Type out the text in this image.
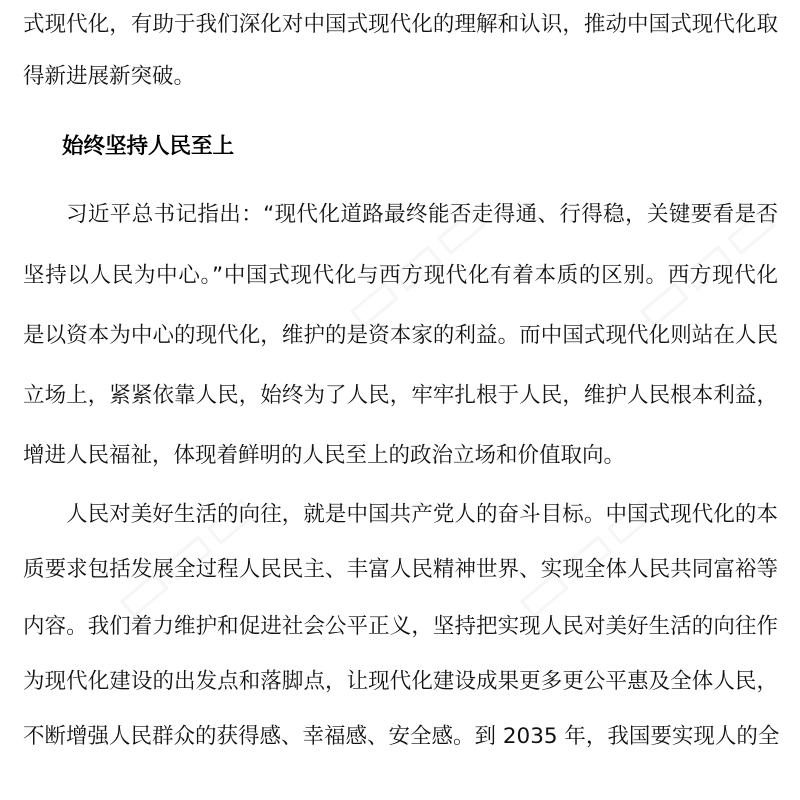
式现代化，有助于我们深化对中国式现代化的理解和认识，推动中国式现代化取
得新进展新突破。
始终坚持人民至上
习近平总书记指出：“现代化道路最终能否走得通、行得稳，关键要看是否
坚持以人民为中心。”中国式现代化与西方现代化有着本质的区别。西方现代化
是以资本为中心的现代化，维护的是资本家的利益。而中国式现代化则站在人民
立场上，紧紧依靠人民，始终为了人民，牢牢扎根于人民，维护人民根本利益，
增进人民福祉，体现着鲜明的人民至上的政治立场和价值取向。
人民对美好生活的向往，就是中国共产党人的奋斗目标。中国式现代化的本
质要求包括发展全过程人民民主、丰富人民精神世界、实现全体人民共同富裕等
内容。我们着力维护和促进社会公平正义，坚持把实现人民对美好生活的向往作
为现代化建设的出发点和落脚点，让现代化建设成果更多更公平惠及全体人民，
不断增强人民群众的获得感、幸福感、安全感。到 2035 年，我国要实现人的全
